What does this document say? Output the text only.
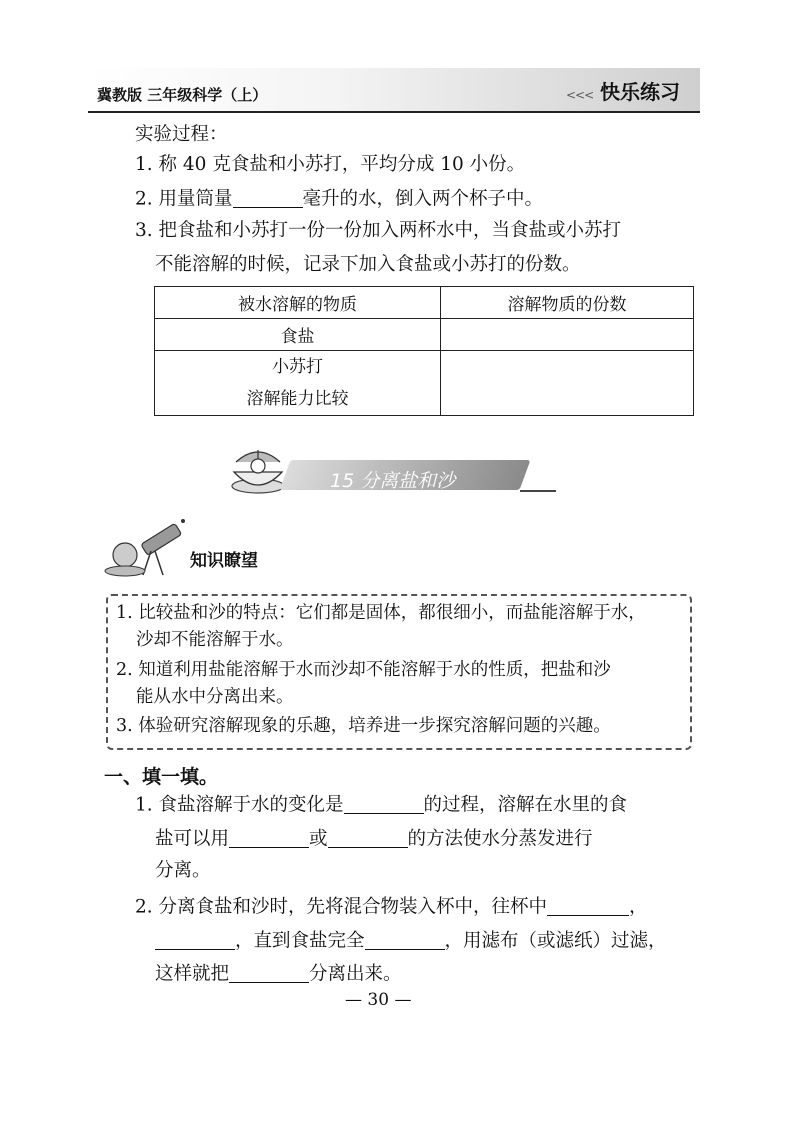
冀教版 三年级科学（上）	<<< 快乐练习
实验过程：
1. 称 40 克食盐和小苏打，平均分成 10 小份。
2. 用量筒量	毫升的水，倒入两个杯子中。
3. 把食盐和小苏打一份一份加入两杯水中，当食盐或小苏打
不能溶解的时候，记录下加入食盐或小苏打的份数。
被水溶解的物质	溶解物质的份数
食盐	

小苏打
溶解能力比较	

15 分离盐和沙
知识瞭望
1. 比较盐和沙的特点：它们都是固体，都很细小，而盐能溶解于水，
沙却不能溶解于水。
2. 知道利用盐能溶解于水而沙却不能溶解于水的性质，把盐和沙
能从水中分离出来。
3. 体验研究溶解现象的乐趣，培养进一步探究溶解问题的兴趣。
一、填一填。
1. 食盐溶解于水的变化是	的过程，溶解在水里的食
盐可以用	或	的方法使水分蒸发进行
分离。
2. 分离食盐和沙时，先将混合物装入杯中，往杯中	，
，直到食盐完全	，用滤布（或滤纸）过滤，
— 30 —
这样就把	分离出来。
